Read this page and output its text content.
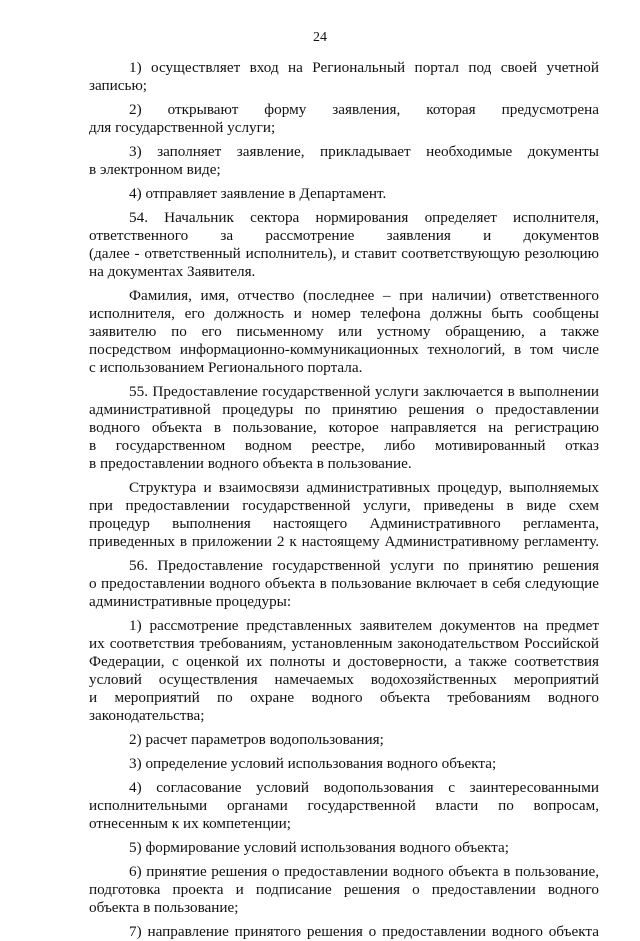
24

1) осуществляет вход на Региональный портал под своей учетной

записью;

2) открывают форму заявления, которая предусмотрена

для государственной услуги;

3) заполняет заявление, прикладывает необходимые документы

в электронном виде;

4) отправляет заявление в Департамент.

54. Начальник сектора нормирования определяет исполнителя,

ответственного за рассмотрение заявления и документов

(далее - ответственный исполнитель), и ставит соответствующую резолюцию

на документах Заявителя.

Фамилия, имя, отчество (последнее – при наличии) ответственного

исполнителя, его должность и номер телефона должны быть сообщены

заявителю по его письменному или устному обращению, а также

посредством информационно-коммуникационных технологий, в том числе

с использованием Регионального портала.

55. Предоставление государственной услуги заключается в выполнении

административной процедуры по принятию решения о предоставлении

водного объекта в пользование, которое направляется на регистрацию

в государственном водном реестре, либо мотивированный отказ

в предоставлении водного объекта в пользование.

Структура и взаимосвязи административных процедур, выполняемых

при предоставлении государственной услуги, приведены в виде схем

процедур выполнения настоящего Административного регламента,

приведенных в приложении 2 к настоящему Административному регламенту.

56. Предоставление государственной услуги по принятию решения

о предоставлении водного объекта в пользование включает в себя следующие

административные процедуры:

1) рассмотрение представленных заявителем документов на предмет

их соответствия требованиям, установленным законодательством Российской

Федерации, с оценкой их полноты и достоверности, а также соответствия

условий осуществления намечаемых водохозяйственных мероприятий

и мероприятий по охране водного объекта требованиям водного

законодательства;

2) расчет параметров водопользования;

3) определение условий использования водного объекта;

4) согласование условий водопользования с заинтересованными

исполнительными органами государственной власти по вопросам,

отнесенным к их компетенции;

5) формирование условий использования водного объекта;

6) принятие решения о предоставлении водного объекта в пользование,

подготовка проекта и подписание решения о предоставлении водного

объекта в пользование;

7) направление принятого решения о предоставлении водного объекта
